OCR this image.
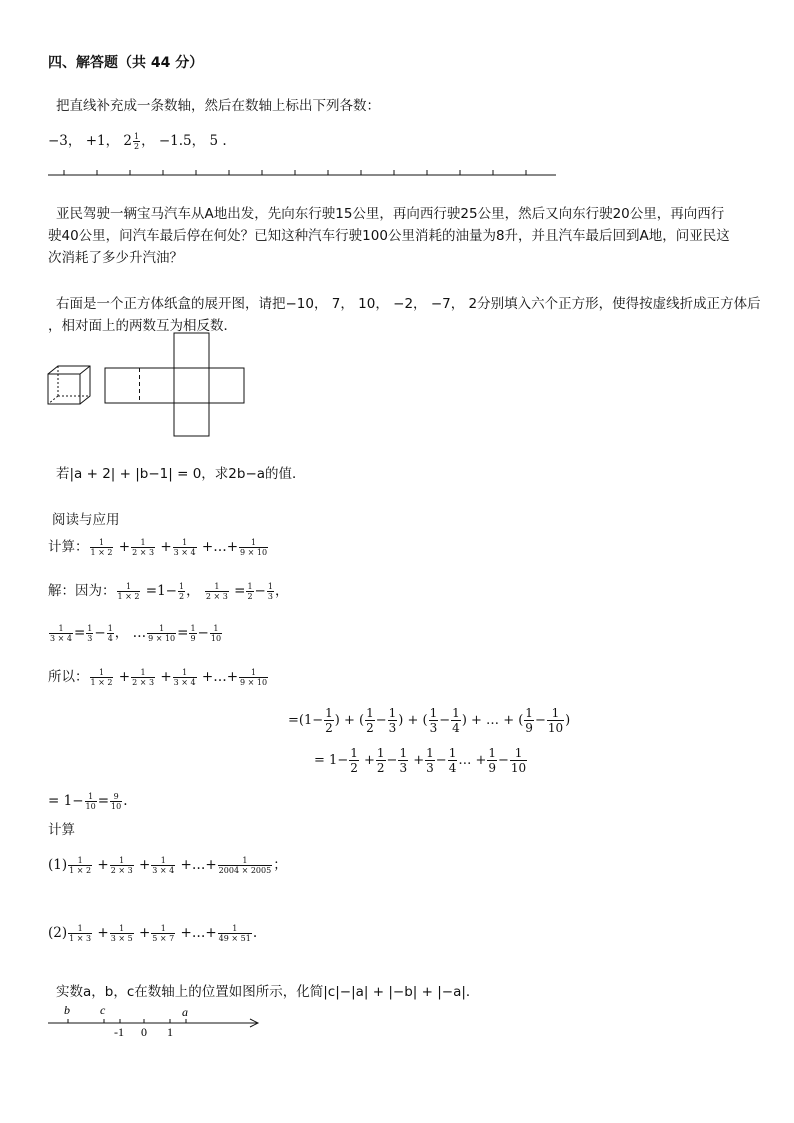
四、解答题（共 44 分）
把直线补充成一条数轴，然后在数轴上标出下列各数：
−3， +1， $2 \frac{1}{2}$ ， −1.5， 5 .
亚民驾驶一辆宝马汽车从A地出发，先向东行驶15公里，再向西行驶25公里，然后又向东行驶20公里，再向西行
驶40公里，问汽车最后停在何处？已知这种汽车行驶100公里消耗的油量为8升，并且汽车最后回到A地，问亚民这
次消耗了多少升汽油？
右面是一个正方体纸盒的展开图，请把−10， 7， 10， −2， −7， 2分别填入六个正方形，使得按虚线折成正方体后
，相对面上的两数互为相反数．
若|a + 2| + |b−1| = 0，求2b−a的值．
阅读与应用
计算： $\frac{1}{1 \times 2} + \frac{1}{2 \times 3} + \frac{1}{3 \times 4}$ +…+ $\frac{1}{9 \times 10}$
解：因为： $\frac{1}{1 \times 2} =1- \frac{1}{2}$ ， $\frac{1}{2 \times 3} = \frac{1}{2} - \frac{1}{3}$ ，
$\frac{1}{3 \times 4} = \frac{1}{3} - \frac{1}{4}$ ， … $\frac{1}{9 \times 10} = \frac{1}{9} - \frac{1}{10}$
所以： $\frac{1}{1 \times 2} + \frac{1}{2 \times 3} + \frac{1}{3 \times 4}$ +…+ $\frac{1}{9 \times 10}$
$=(1- \frac{1}{2}$ ) + ( $\frac{1}{2} - \frac{1}{3}$ ) + ( $\frac{1}{3} - \frac{1}{4}$ ) + … + ( $\frac{1}{9} - \frac{1}{10}$ )
= $1- \frac{1}{2} + \frac{1}{2} - \frac{1}{3} + \frac{1}{3} - \frac{1}{4}$ … + $\frac{1}{9} - \frac{1}{10}$
= $1- \frac{1}{10} = \frac{9}{10}$ .
计算
$(1) \frac{1}{1 \times 2} + \frac{1}{2 \times 3} + \frac{1}{3 \times 4}$ +…+ $\frac{1}{2004 \times 2005}$ ；
$(2) \frac{1}{1 \times 3} + \frac{1}{3 \times 5} + \frac{1}{5 \times 7}$ +…+ $\frac{1}{49 \times 51}$ .
实数a，b，c在数轴上的位置如图所示，化简|c|−|a| + |−b| + |−a|．
b	c	a
-1 0 1
